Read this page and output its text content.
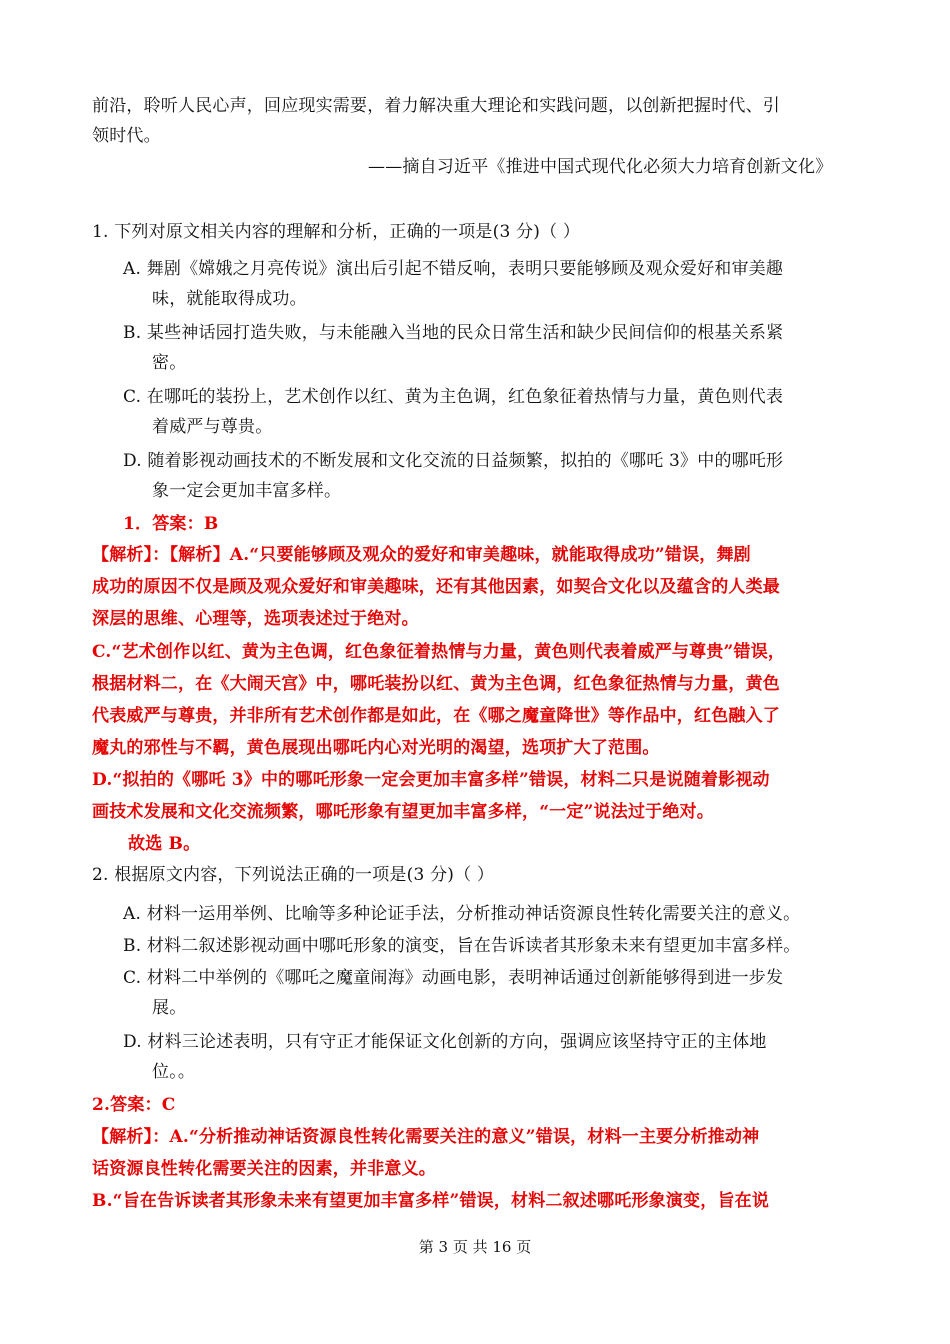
前沿，聆听人民心声，回应现实需要，着力解决重大理论和实践问题，以创新把握时代、引
领时代。
——摘自习近平《推进中国式现代化必须大力培育创新文化》
1. 下列对原文相关内容的理解和分析，正确的一项是(3 分)（ ）
A. 舞剧《嫦娥之月亮传说》演出后引起不错反响，表明只要能够顾及观众爱好和审美趣
味，就能取得成功。
B. 某些神话园打造失败，与未能融入当地的民众日常生活和缺少民间信仰的根基关系紧
密。
C. 在哪吒的装扮上，艺术创作以红、黄为主色调，红色象征着热情与力量，黄色则代表
着威严与尊贵。
D. 随着影视动画技术的不断发展和文化交流的日益频繁，拟拍的《哪吒 3》中的哪吒形
象一定会更加丰富多样。
1．答案：B
【解析】：【解析】A.“只要能够顾及观众的爱好和审美趣味，就能取得成功”错误，舞剧
成功的原因不仅是顾及观众爱好和审美趣味，还有其他因素，如契合文化以及蕴含的人类最
深层的思维、心理等，选项表述过于绝对。
C.“艺术创作以红、黄为主色调，红色象征着热情与力量，黄色则代表着威严与尊贵”错误，
根据材料二，在《大闹天宫》中，哪吒装扮以红、黄为主色调，红色象征热情与力量，黄色
代表威严与尊贵，并非所有艺术创作都是如此，在《哪之魔童降世》等作品中，红色融入了
魔丸的邪性与不羁，黄色展现出哪吒内心对光明的渴望，选项扩大了范围。
D.“拟拍的《哪吒 3》中的哪吒形象一定会更加丰富多样”错误，材料二只是说随着影视动
画技术发展和文化交流频繁，哪吒形象有望更加丰富多样，“一定”说法过于绝对。
故选 B。
2. 根据原文内容，下列说法正确的一项是(3 分)（ ）
A. 材料一运用举例、比喻等多种论证手法，分析推动神话资源良性转化需要关注的意义。
B. 材料二叙述影视动画中哪吒形象的演变，旨在告诉读者其形象未来有望更加丰富多样。
C. 材料二中举例的《哪吒之魔童闹海》动画电影，表明神话通过创新能够得到进一步发
展。
D. 材料三论述表明，只有守正才能保证文化创新的方向，强调应该坚持守正的主体地
位。。
2.答案：C
【解析】：A.“分析推动神话资源良性转化需要关注的意义”错误，材料一主要分析推动神
话资源良性转化需要关注的因素，并非意义。
B.“旨在告诉读者其形象未来有望更加丰富多样”错误，材料二叙述哪吒形象演变，旨在说
第 3 页 共 16 页
